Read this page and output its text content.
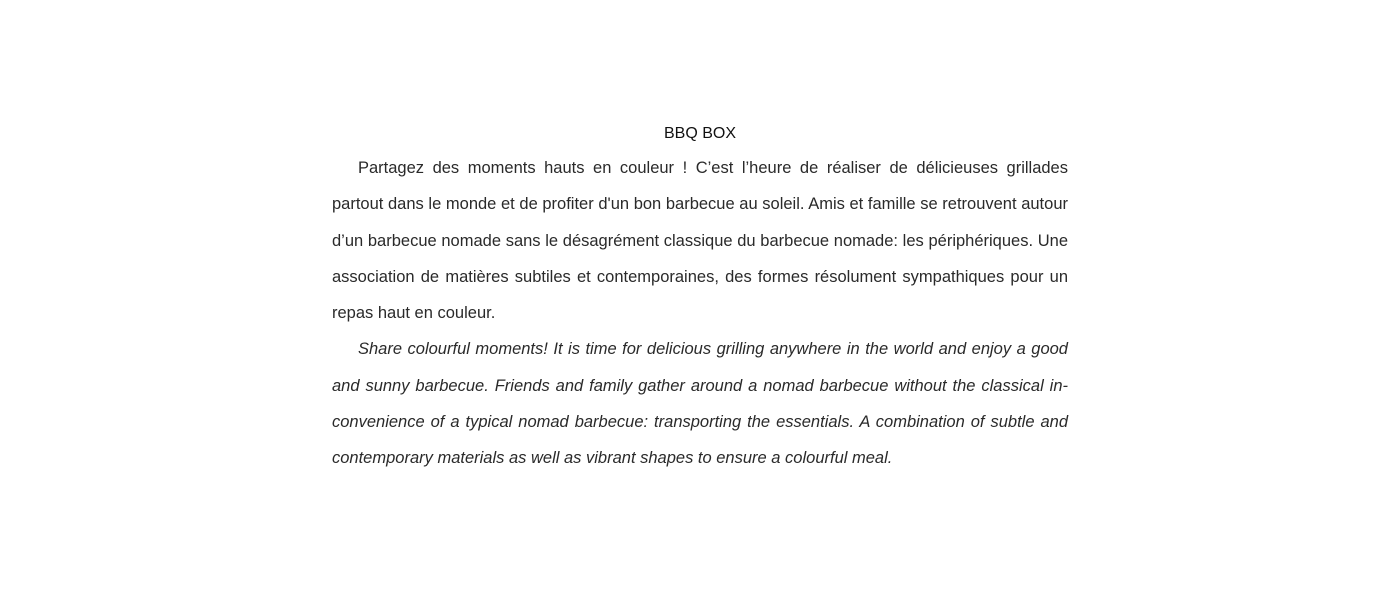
BBQ BOX

Partagez des moments hauts en couleur ! C’est l’heure de réaliser de délicieuses grillades partout dans le monde et de profiter d'un bon barbecue au soleil. Amis et famille se retrouvent autour d’un barbecue nomade sans le désagrément classique du barbecue nomade: les périphériques. Une association de matières subtiles et contemporaines, des formes résolument sympathiques pour un repas haut en couleur.

Share colourful moments! It is time for delicious grilling anywhere in the world and enjoy a good and sunny barbecue. Friends and family gather around a nomad barbecue without the classical inconvenience of a typical nomad barbecue: transporting the essentials. A combination of subtle and contemporary materials as well as vibrant shapes to ensure a colourful meal.
